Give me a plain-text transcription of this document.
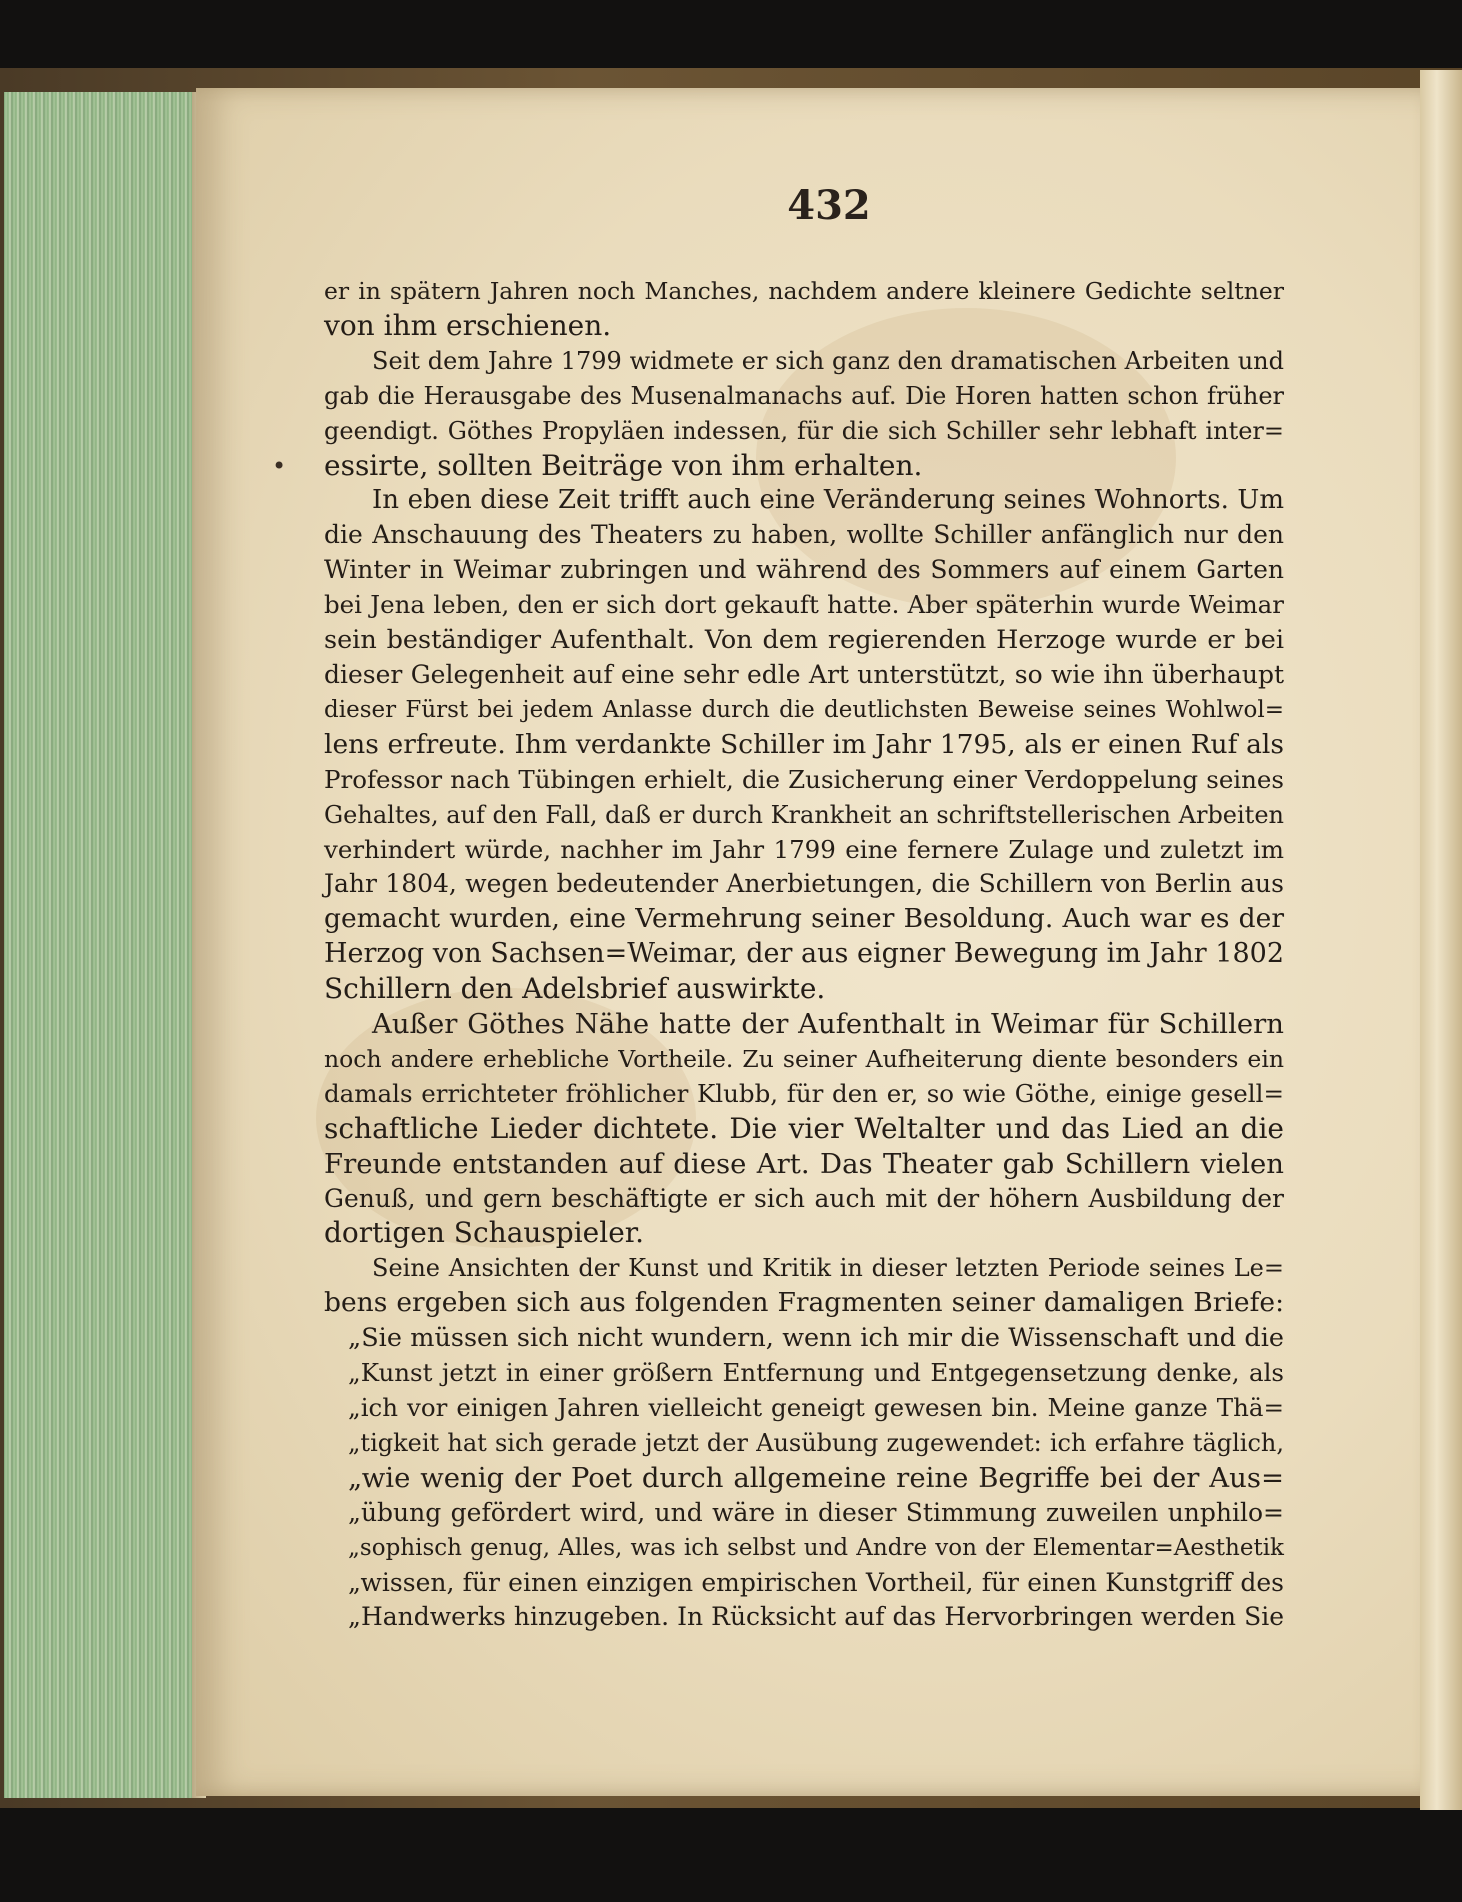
432
•
er in spätern Jahren noch Manches, nachdem andere kleinere Gedichte seltner
von ihm erschienen.
Seit dem Jahre 1799 widmete er sich ganz den dramatischen Arbeiten und
gab die Herausgabe des Musenalmanachs auf. Die Horen hatten schon früher
geendigt. Göthes Propyläen indessen, für die sich Schiller sehr lebhaft inter=
essirte, sollten Beiträge von ihm erhalten.
In eben diese Zeit trifft auch eine Veränderung seines Wohnorts. Um
die Anschauung des Theaters zu haben, wollte Schiller anfänglich nur den
Winter in Weimar zubringen und während des Sommers auf einem Garten
bei Jena leben, den er sich dort gekauft hatte. Aber späterhin wurde Weimar
sein beständiger Aufenthalt. Von dem regierenden Herzoge wurde er bei
dieser Gelegenheit auf eine sehr edle Art unterstützt, so wie ihn überhaupt
dieser Fürst bei jedem Anlasse durch die deutlichsten Beweise seines Wohlwol=
lens erfreute. Ihm verdankte Schiller im Jahr 1795, als er einen Ruf als
Professor nach Tübingen erhielt, die Zusicherung einer Verdoppelung seines
Gehaltes, auf den Fall, daß er durch Krankheit an schriftstellerischen Arbeiten
verhindert würde, nachher im Jahr 1799 eine fernere Zulage und zuletzt im
Jahr 1804, wegen bedeutender Anerbietungen, die Schillern von Berlin aus
gemacht wurden, eine Vermehrung seiner Besoldung. Auch war es der
Herzog von Sachsen=Weimar, der aus eigner Bewegung im Jahr 1802
Schillern den Adelsbrief auswirkte.
Außer Göthes Nähe hatte der Aufenthalt in Weimar für Schillern
noch andere erhebliche Vortheile. Zu seiner Aufheiterung diente besonders ein
damals errichteter fröhlicher Klubb, für den er, so wie Göthe, einige gesell=
schaftliche Lieder dichtete. Die vier Weltalter und das Lied an die
Freunde entstanden auf diese Art. Das Theater gab Schillern vielen
Genuß, und gern beschäftigte er sich auch mit der höhern Ausbildung der
dortigen Schauspieler.
Seine Ansichten der Kunst und Kritik in dieser letzten Periode seines Le=
bens ergeben sich aus folgenden Fragmenten seiner damaligen Briefe:
„Sie müssen sich nicht wundern, wenn ich mir die Wissenschaft und die
„Kunst jetzt in einer größern Entfernung und Entgegensetzung denke, als
„ich vor einigen Jahren vielleicht geneigt gewesen bin. Meine ganze Thä=
„tigkeit hat sich gerade jetzt der Ausübung zugewendet: ich erfahre täglich,
„wie wenig der Poet durch allgemeine reine Begriffe bei der Aus=
„übung gefördert wird, und wäre in dieser Stimmung zuweilen unphilo=
„sophisch genug, Alles, was ich selbst und Andre von der Elementar=Aesthetik
„wissen, für einen einzigen empirischen Vortheil, für einen Kunstgriff des
„Handwerks hinzugeben. In Rücksicht auf das Hervorbringen werden Sie
